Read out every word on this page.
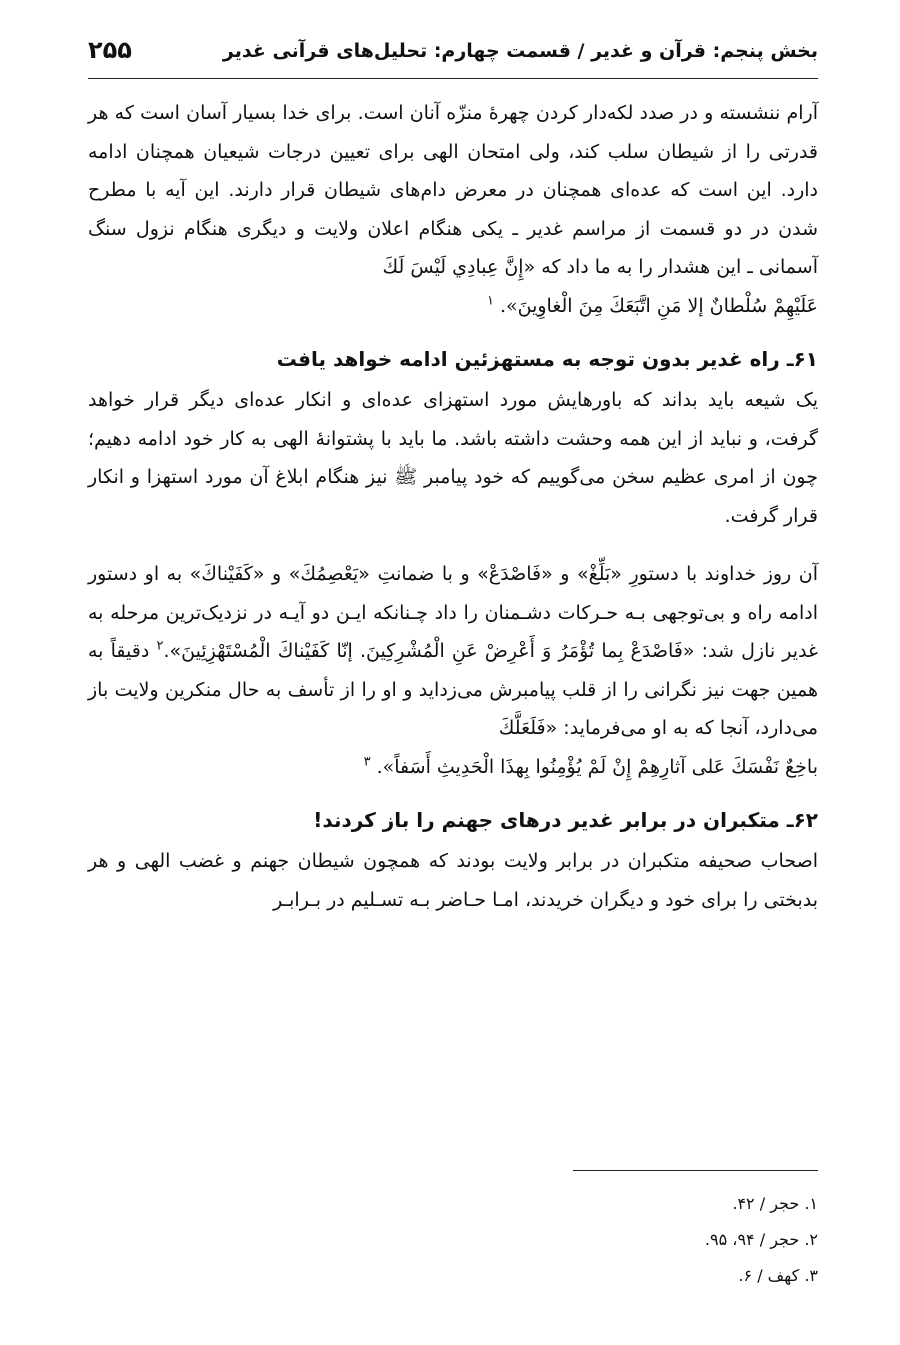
بخش پنجم: قرآن و غدیر / قسمت چهارم: تحلیل‌های قرآنی غدیر
۲۵۵

آرام ننشسته و در صدد لکه‌دار کردن چهرهٔ منزّه آنان است. برای خدا بسیار آسان است که هر قدرتی را از شیطان سلب کند، ولی امتحان الهی برای تعیین درجات شیعیان همچنان ادامه دارد. این است که عده‌ای همچنان در معرض دام‌های شیطان قرار دارند. این آیه با مطرح شدن در دو قسمت از مراسم غدیر ـ یکی هنگام اعلان ولایت و دیگری هنگام نزول سنگ آسمانی ـ این هشدار را به ما داد که «إِنَّ عِبادِي لَيْسَ لَكَ

عَلَيْهِمْ سُلْطانٌ إلا مَنِ اتَّبَعَكَ مِنَ الْغاوِينَ». $^۱$

۶۱ـ راه غدیر بدون توجه به مستهزئین ادامه خواهد یافت

یک شیعه باید بداند که باورهایش مورد استهزای عده‌ای و انکار عده‌ای دیگر قرار خواهد گرفت، و نباید از این همه وحشت داشته باشد. ما باید با پشتوانهٔ الهی به کار خود ادامه دهیم؛ چون از امری عظیم سخن می‌گوییم که خود پیامبر ﷺ نیز هنگام ابلاغ آن مورد استهزا و انکار قرار گرفت.

آن روز خداوند با دستورِ «بَلِّغْ» و «فَاصْدَعْ» و با ضمانتِ «يَعْصِمُكَ» و «كَفَيْناكَ» به او دستور ادامه راه و بی‌توجهی بـه حـرکات دشـمنان را داد چـنانکه ایـن دو آیـه در نزدیک‌ترین مرحله به غدیر نازل شد: «فَاصْدَعْ بِما تُؤْمَرُ وَ أَعْرِضْ عَنِ الْمُشْرِكِينَ. إنّا كَفَيْناكَ الْمُسْتَهْزِئِينَ».$^۲$ دقیقاً به همین جهت نیز نگرانی را از قلب پیامبرش می‌زداید و او را از تأسف به حال منکرین ولایت باز می‌دارد، آنجا که به او می‌فرماید: «فَلَعَلَّكَ

باخِعٌ نَفْسَكَ عَلى آثارِهِمْ إِنْ لَمْ يُؤْمِنُوا بِهذَا الْحَدِيثِ أَسَفاً». $^۳$

۶۲ـ متکبران در برابر غدیر درهای جهنم را باز کردند!

اصحاب صحیفه متکبران در برابر ولایت بودند که همچون شیطان جهنم و غضب الهی و هر بدبختی را برای خود و دیگران خریدند، امـا حـاضر بـه تسـلیم در بـرابـر

۱. حجر / ۴۲.
۲. حجر / ۹۴، ۹۵.
۳. کهف / ۶.
